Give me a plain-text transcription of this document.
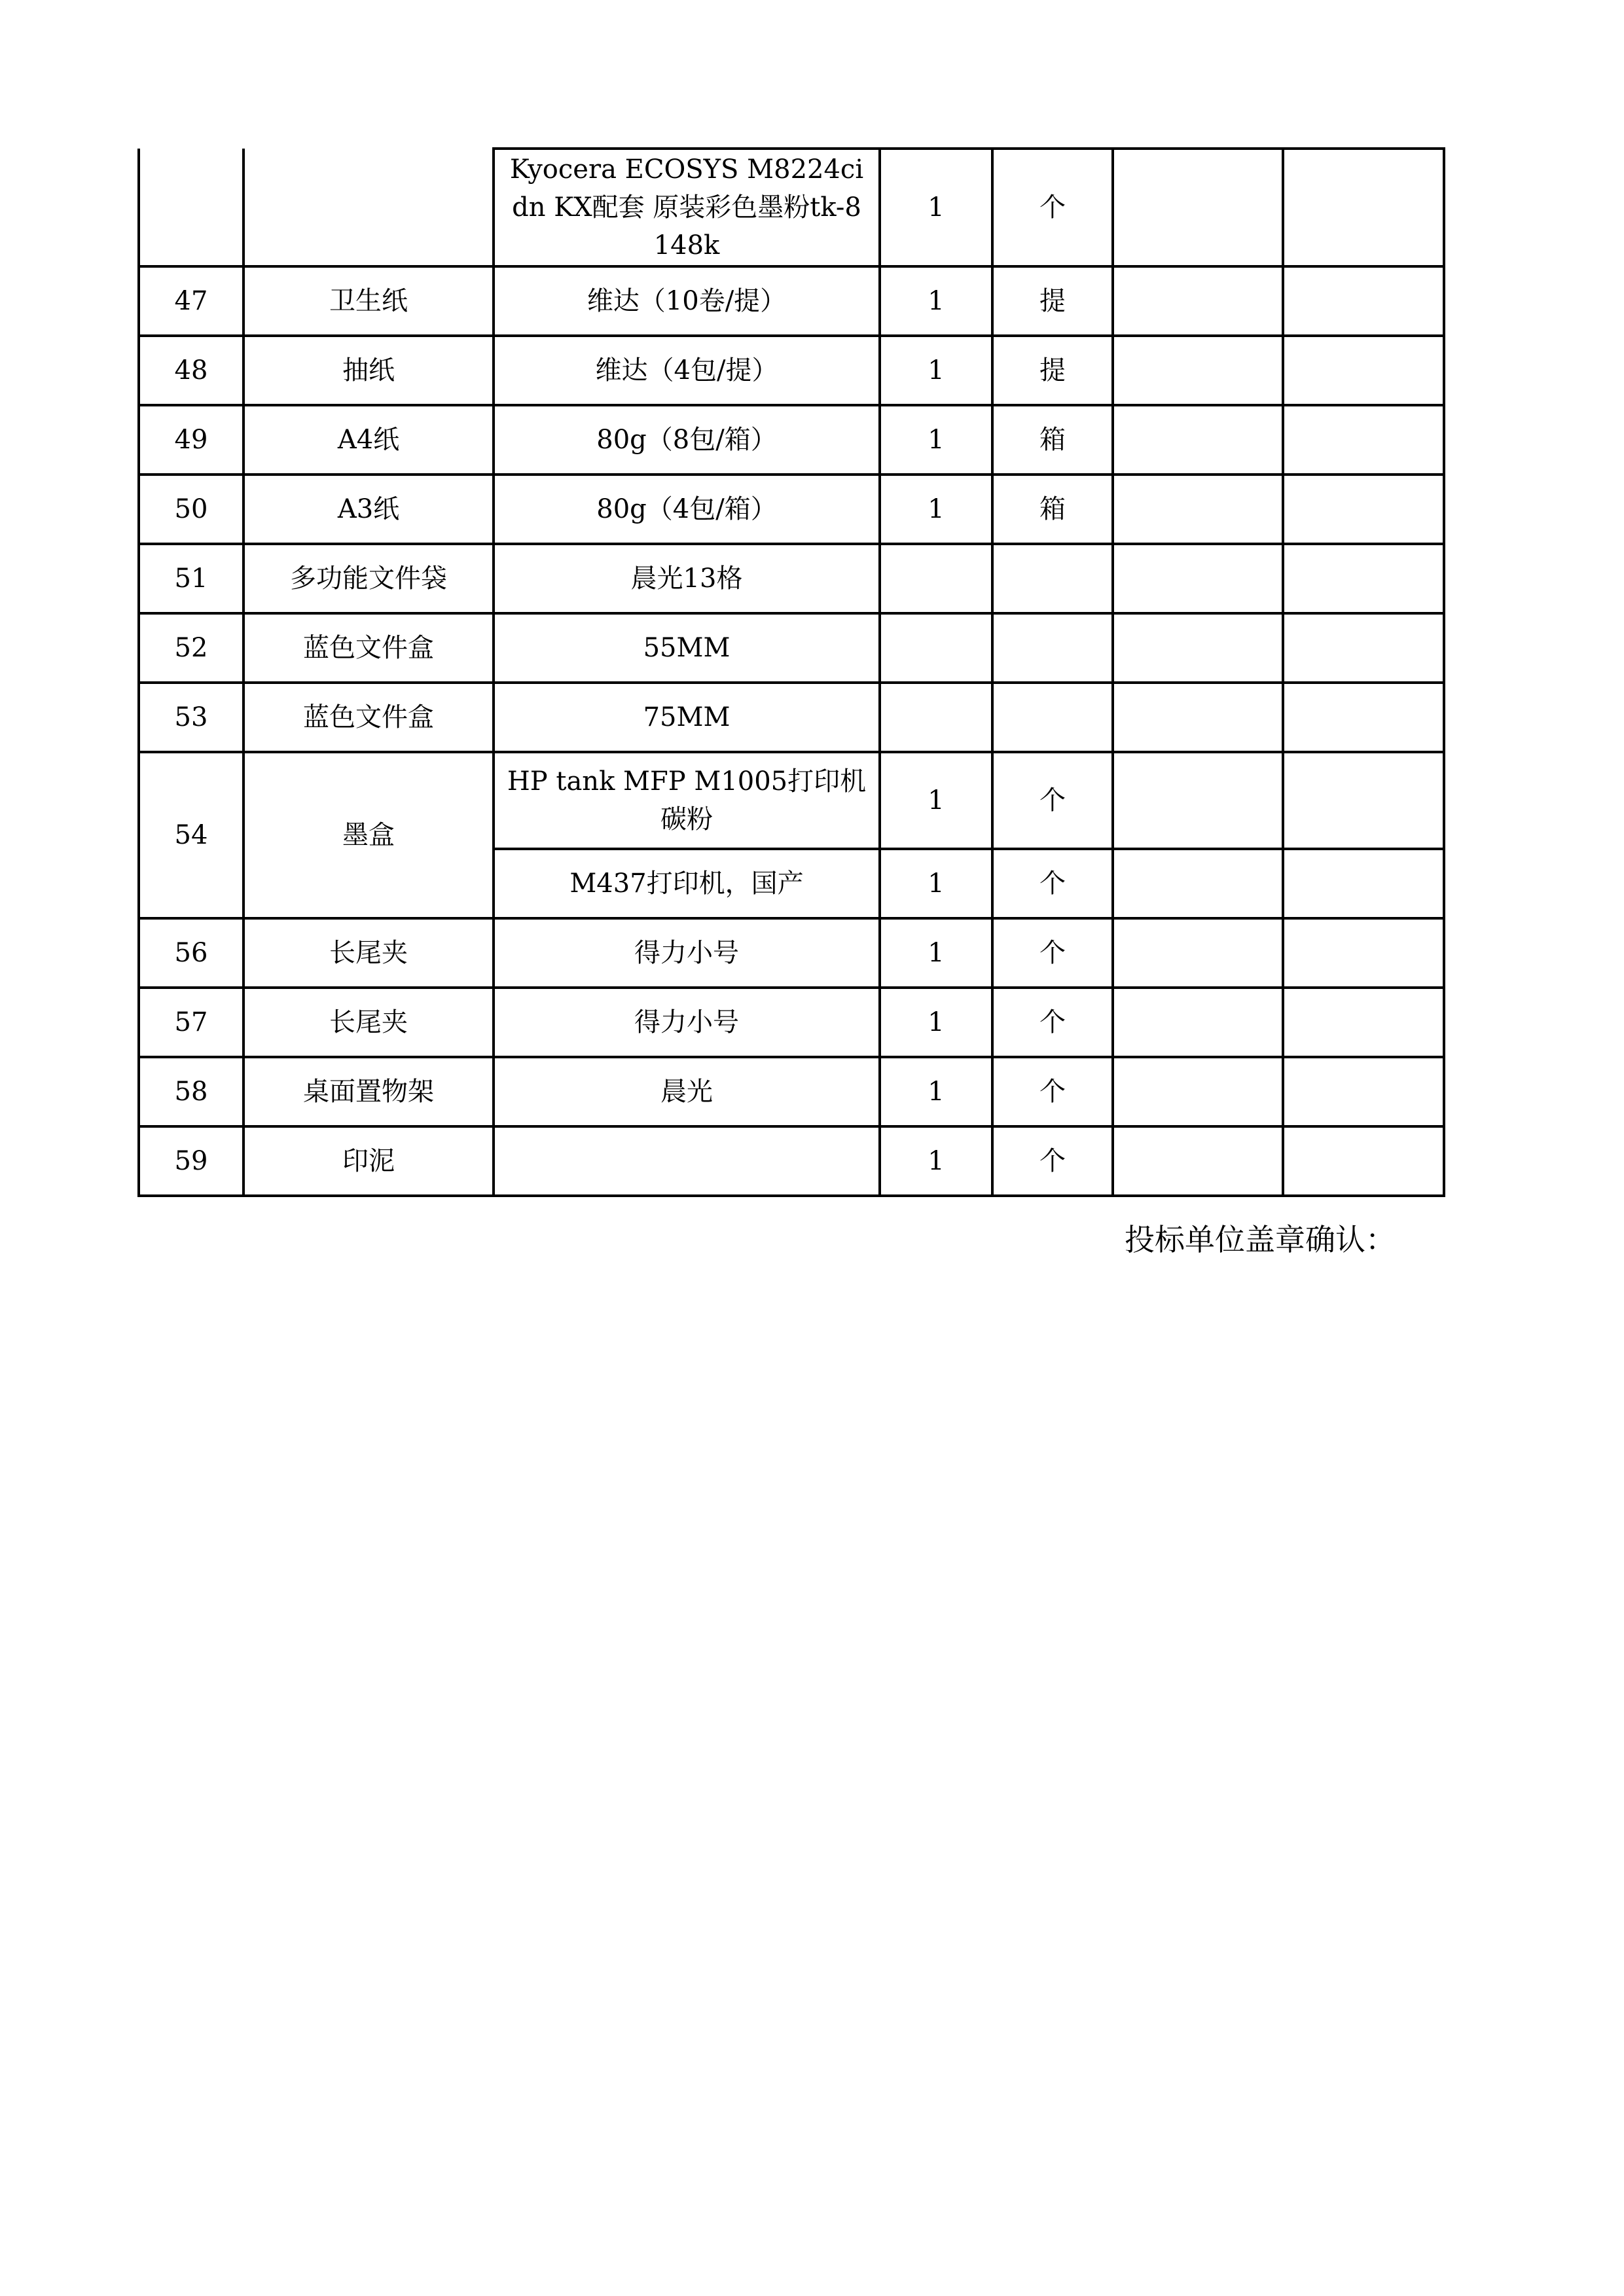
		Kyocera ECOSYS M8224cidn KX配套 原装彩色墨粉tk-8148k	1	个		
47	卫生纸	维达（10卷/提）	1	提		
48	抽纸	维达（4包/提）	1	提		
49	A4纸	80g（8包/箱）	1	箱		
50	A3纸	80g（4包/箱）	1	箱		
51	多功能文件袋	晨光13格				
52	蓝色文件盒	55MM				
53	蓝色文件盒	75MM				
54	墨盒	HP tank MFP M1005打印机碳粉	1	个		
		M437打印机，国产	1	个		
56	长尾夹	得力小号	1	个		
57	长尾夹	得力小号	1	个		
58	桌面置物架	晨光	1	个		
59	印泥		1	个		
投标单位盖章确认：
